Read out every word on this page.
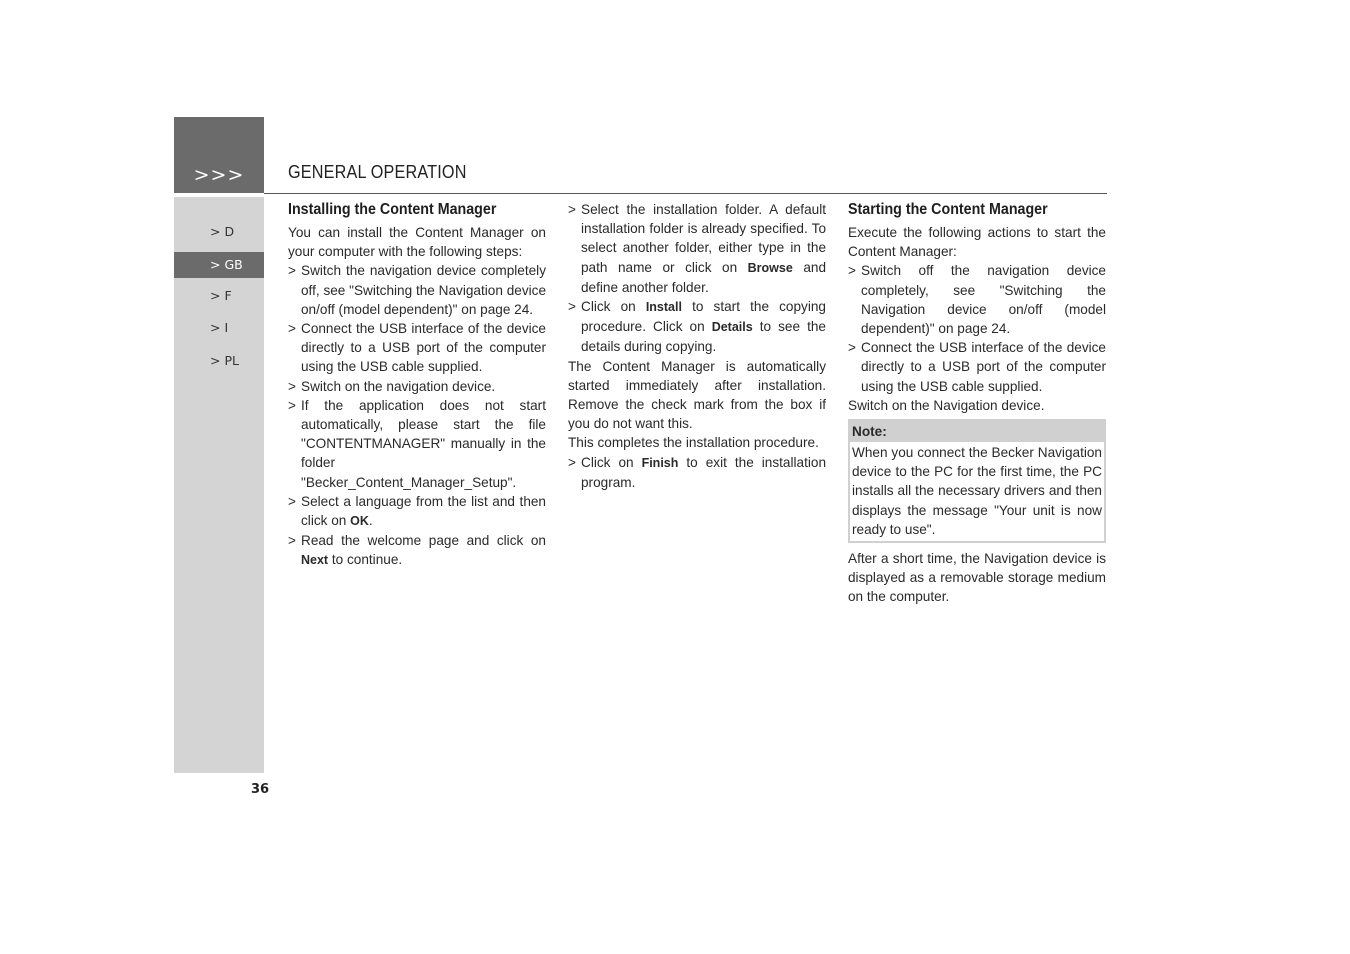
>>>	GENERAL OPERATION
> D
> GB
> F
> I
> PL
36
Installing the Content Manager

You can install the Content Manager on your computer with the following steps:

> Switch the navigation device completely off, see "Switching the Navigation device on/off (model dependent)" on page 24.

> Connect the USB interface of the device directly to a USB port of the computer using the USB cable supplied.

> Switch on the navigation device.

> If the application does not start automatically, please start the file "CONTENTMANAGER" manually in the folder "Becker_Content_Manager_Setup".

> Select a language from the list and then click on OK.

> Read the welcome page and click on Next to continue.

> Select the installation folder. A default installation folder is already specified. To select another folder, either type in the path name or click on Browse and define another folder.

> Click on Install to start the copying procedure. Click on Details to see the details during copying.

The Content Manager is automatically started immediately after installation. Remove the check mark from the box if you do not want this.

This completes the installation procedure.

> Click on Finish to exit the installation program.

Starting the Content Manager

Execute the following actions to start the Content Manager:

> Switch off the navigation device completely, see "Switching the Navigation device on/off (model dependent)" on page 24.

> Connect the USB interface of the device directly to a USB port of the computer using the USB cable supplied.

Switch on the Navigation device.

Note:
When you connect the Becker Navigation device to the PC for the first time, the PC installs all the necessary drivers and then displays the message "Your unit is now ready to use".

After a short time, the Navigation device is displayed as a removable storage medium on the computer.
